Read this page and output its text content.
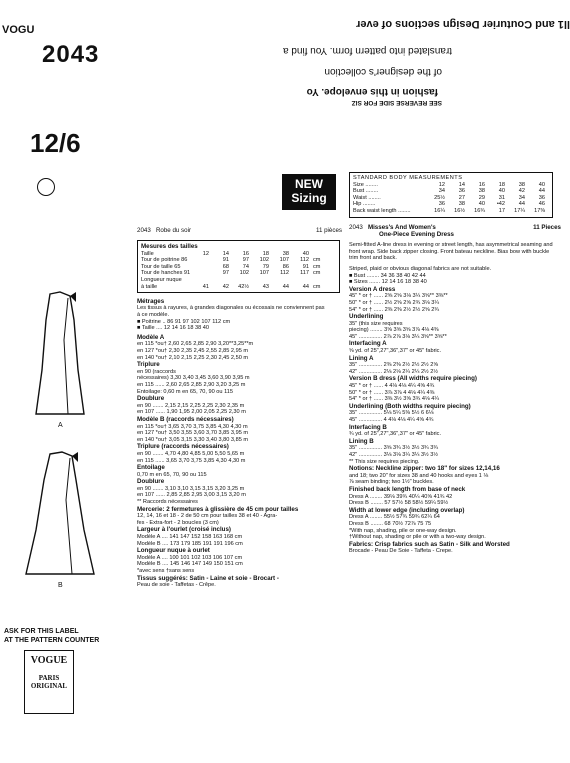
VOGU
2043
12/6
SEE REVERSE SIDE FOR SIZ
fashion in this envelope. Yo
of the designer's collection
translated into pattern form. You find a
ll1 and Couturier Design sections of ever
NEW
Sizing
A
B
ASK FOR THIS LABEL
AT THE PATTERN COUNTER
VOGUE
PARIS ORIGINAL
2043 Robe du soir	11 pièces
Mesures des tailles
Taille	12	14	16	18	38	40
Tour de poitrine 86	91	97	102	107	112 cm
Tour de taille 65	68	74	79	86	91 cm
Tour de hanches 91	97	102	107	112	117 cm
Longueur nuque
à taille	41	42	42½	43	44	44 cm
Métrages
Les tissus à rayures, à grandes diagonales ou écossais ne conviennent pas à ce modèle.
■ Poitrine .. 86 91 97 102 107 112 cm
■ Taille .... 12 14 16 18 38 40
Modèle A
en 115 *ou† 2,60 2,65 2,85 2,90 3,20**3,25**m
en 127 *ou† 2,30 2,35 2,45 2,55 2,85 2,95 m
en 140 *ou† 2,10 2,15 2,25 2,30 2,45 2,50 m
Triplure
en 90 (raccords
nécessaires) 3,30 3,40 3,45 3,60 3,90 3,95 m
en 115 ...... 2,60 2,65 2,85 2,90 3,20 3,25 m
Entoilage: 0,60 m en 65, 70, 90 ou 115
Doublure
en 90 ....... 2,15 2,15 2,25 2,25 2,30 2,35 m
en 107 ...... 1,90 1,95 2,00 2,05 2,25 2,30 m
Modèle B (raccords nécessaires)
en 115 *ou† 3,65 3,70 3,75 3,85 4,30 4,30 m
en 127 *ou† 3,50 3,55 3,60 3,70 3,85 3,95 m
en 140 *ou† 3,05 3,15 3,30 3,40 3,80 3,85 m
Triplure (raccords nécessaires)
en 90 ....... 4,70 4,80 4,85 5,00 5,50 5,65 m
en 115 ...... 3,65 3,70 3,75 3,85 4,30 4,30 m
Entoilage
0,70 m en 65, 70, 90 ou 115
Doublure
en 90 ....... 3,10 3,10 3,15 3,15 3,20 3,25 m
en 107 ...... 2,85 2,85 2,95 3,00 3,15 3,20 m
** Raccords nécessaires
Mercerie: 2 fermetures à glissière de 45 cm pour tailles
12, 14, 16 et 18 - 2 de 50 cm pour tailles 38 et 40 - Agra-
fes - Extra-fort - 2 boucles (3 cm)
Largeur à l'ourlet (croisé inclus)
Modèle A .... 141 147 152 158 163 168 cm
Modèle B .... 173 179 185 191 191 196 cm
Longueur nuque à ourlet
Modèle A .... 100 101 102 103 106 107 cm
Modèle B .... 145 146 147 149 150 151 cm
*avec sens †sans sens
Tissus suggérés: Satin - Laine et soie - Brocart -
Peau de soie - Taffetas - Crêpe.
STANDARD BODY MEASUREMENTS
Size ........	12	14	16	18	38	40
Bust ........	34	36	38	40	42	44
Waist ........	25½	27	29	31	34	36
Hip ........	36	38	40	•42	44	46
Back waist length ........	16¼	16½	16¾	17	17¼	17⅜
2043 Misses's And Women's	11 Pieces
One-Piece Evening Dress
Semi-fitted A-line dress in evening or street length, has asymmetrical seaming and front wrap. Side back zipper closing. Front bateau neckline. Bias bow with buckle trim front and back.
Striped, plaid or obvious diagonal fabrics are not suitable.
■ Bust ........ 34 36 38 40 42 44
■ Sizes ....... 12 14 16 18 38 40
Version A dress
45" * or † ...... 2⅝ 2⅝ 3⅛ 3¼ 3⅝** 3⅜**
50" * or † ...... 2½ 2⅝ 2⅝ 2¾ 3⅛ 3¼
54" * or † ...... 2⅜ 2⅜ 2½ 2½ 2⅝ 2¾
Underlining
35" (this size requires
piecing) ........ 3⅝ 3⅝ 3⅝ 3⅞ 4⅛ 4⅜
45" ............... 2⅞ 2⅞ 3⅛ 3¼ 3⅝** 3⅝**
Interfacing A
⅝ yd. of 25",27",36",37" or 45" fabric.
Lining A
35" ............... 2⅜ 2⅜ 2½ 2½ 2½ 2⅝
42" ............... 2⅛ 2⅛ 2¼ 2¼ 2½ 2½
Version B dress (All widths require piecing)
45" * or † ...... 4 4⅛ 4⅛ 4¼ 4⅝ 4¾
50" * or † ...... 3⅞ 3⅞ 4 4⅛ 4¼ 4⅜
54" * or † ...... 3⅜ 3½ 3⅝ 3¾ 4⅛ 4¼
Underlining (Both widths require piecing)
35" ............... 5⅛ 5¼ 5⅜ 5½ 6 6⅛
45" ............... 4 4⅛ 4⅛ 4¼ 4⅝ 4¾
Interfacing B
¾ yd. of 25",27",36",37" or 45" fabric.
Lining B
35" ............... 3⅝ 3¾ 3½ 3½ 3¾ 3¾
42" ............... 3⅛ 3⅛ 3¼ 3¼ 3½ 3½
** This size requires piecing.
Notions: Neckline zipper: two 18" for sizes 12,14,16
and 18; two 20" for sizes 38 and 40 hooks and eyes 1 ⅛
⅞ seam binding; two 1½" buckles.
Finished back length from base of neck
Dress A ........ 39⅛ 39¾ 40¼ 40⅝ 41¾ 42
Dress B ........ 57 57½ 58 58½ 59¼ 59½
Width at lower edge (including overlap)
Dress A ........ 55½ 57¾ 59¾ 62¼ 64
Dress B ........ 68 70½ 72⅞ 75 75
*With nap, shading, pile or one-way design.
†Without nap, shading or pile or with a two-way design.
Fabrics: Crisp fabrics such as Satin - Silk and Worsted
Brocade - Peau De Soie - Taffeta - Crepe.
